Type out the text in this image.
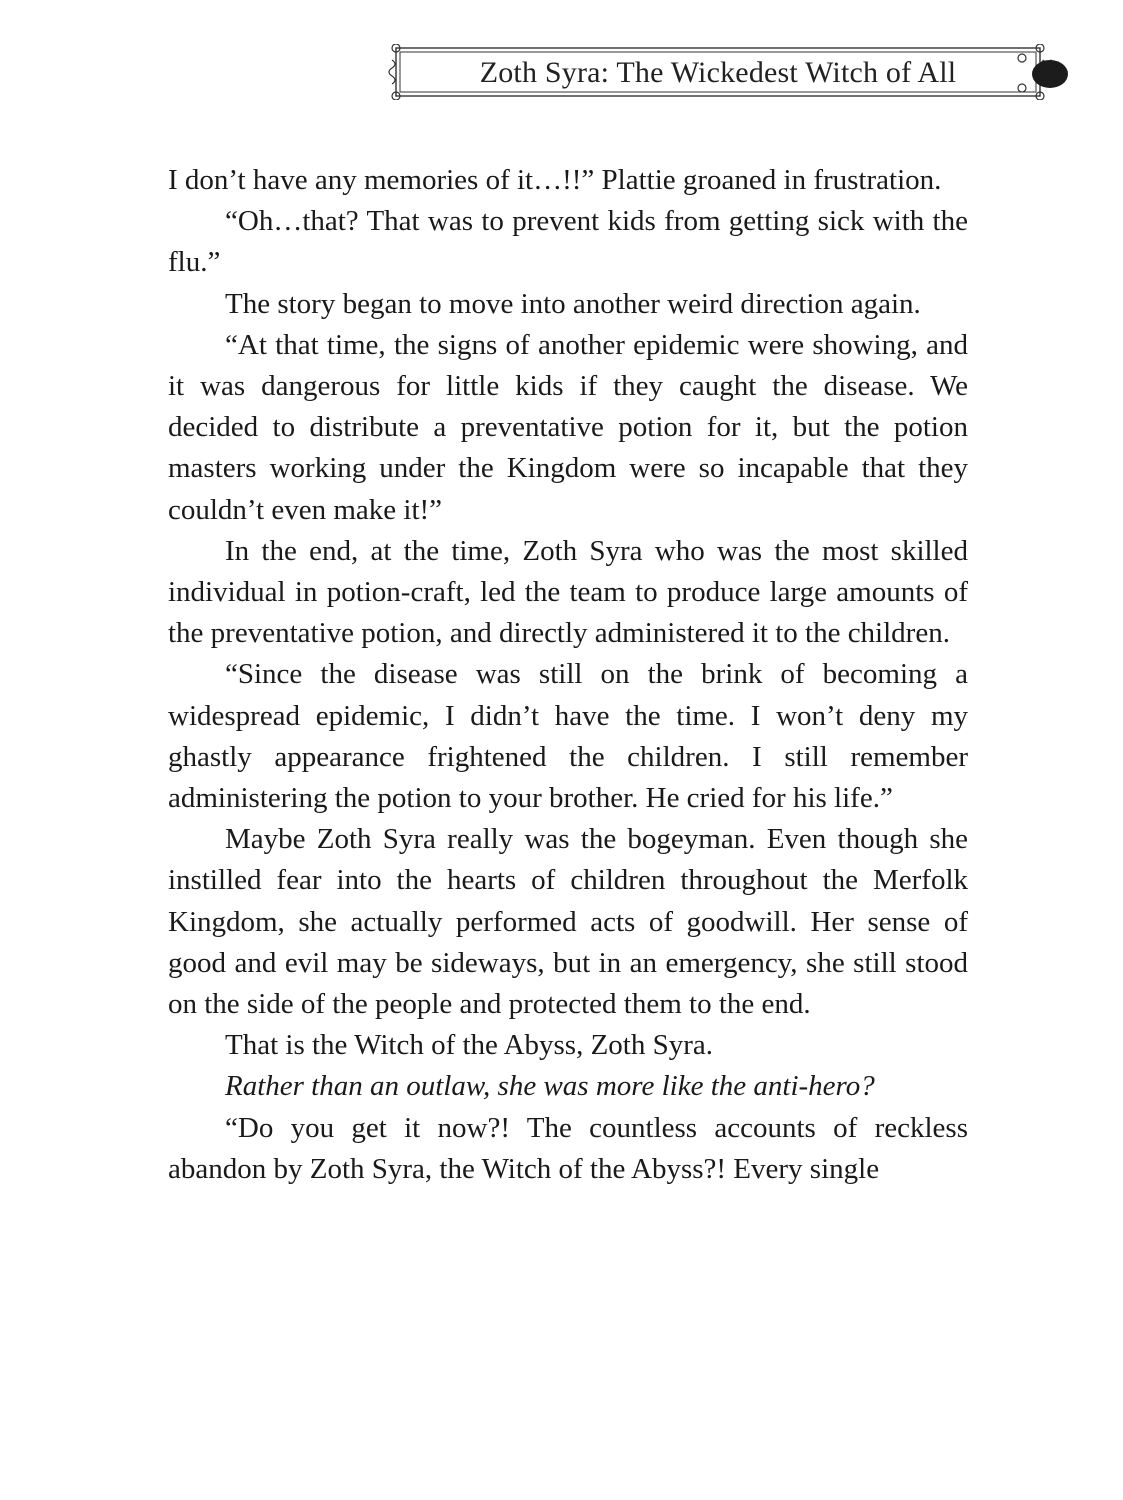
Zoth Syra: The Wickedest Witch of All

I don’t have any memories of it…!!” Plattie groaned in frustration.

“Oh…that? That was to prevent kids from getting sick with the flu.”

The story began to move into another weird direction again.

“At that time, the signs of another epidemic were showing, and it was dangerous for little kids if they caught the disease. We decided to distribute a preventative potion for it, but the potion masters working under the Kingdom were so incapable that they couldn’t even make it!”

In the end, at the time, Zoth Syra who was the most skilled individual in potion-craft, led the team to produce large amounts of the preventative potion, and directly administered it to the children.

“Since the disease was still on the brink of becoming a widespread epidemic, I didn’t have the time. I won’t deny my ghastly appearance frightened the children. I still remember administering the potion to your brother. He cried for his life.”

Maybe Zoth Syra really was the bogeyman. Even though she instilled fear into the hearts of children throughout the Merfolk Kingdom, she actually performed acts of goodwill. Her sense of good and evil may be sideways, but in an emergency, she still stood on the side of the people and protected them to the end.

That is the Witch of the Abyss, Zoth Syra.

Rather than an outlaw, she was more like the anti-hero?

“Do you get it now?! The countless accounts of reckless abandon by Zoth Syra, the Witch of the Abyss?! Every single
